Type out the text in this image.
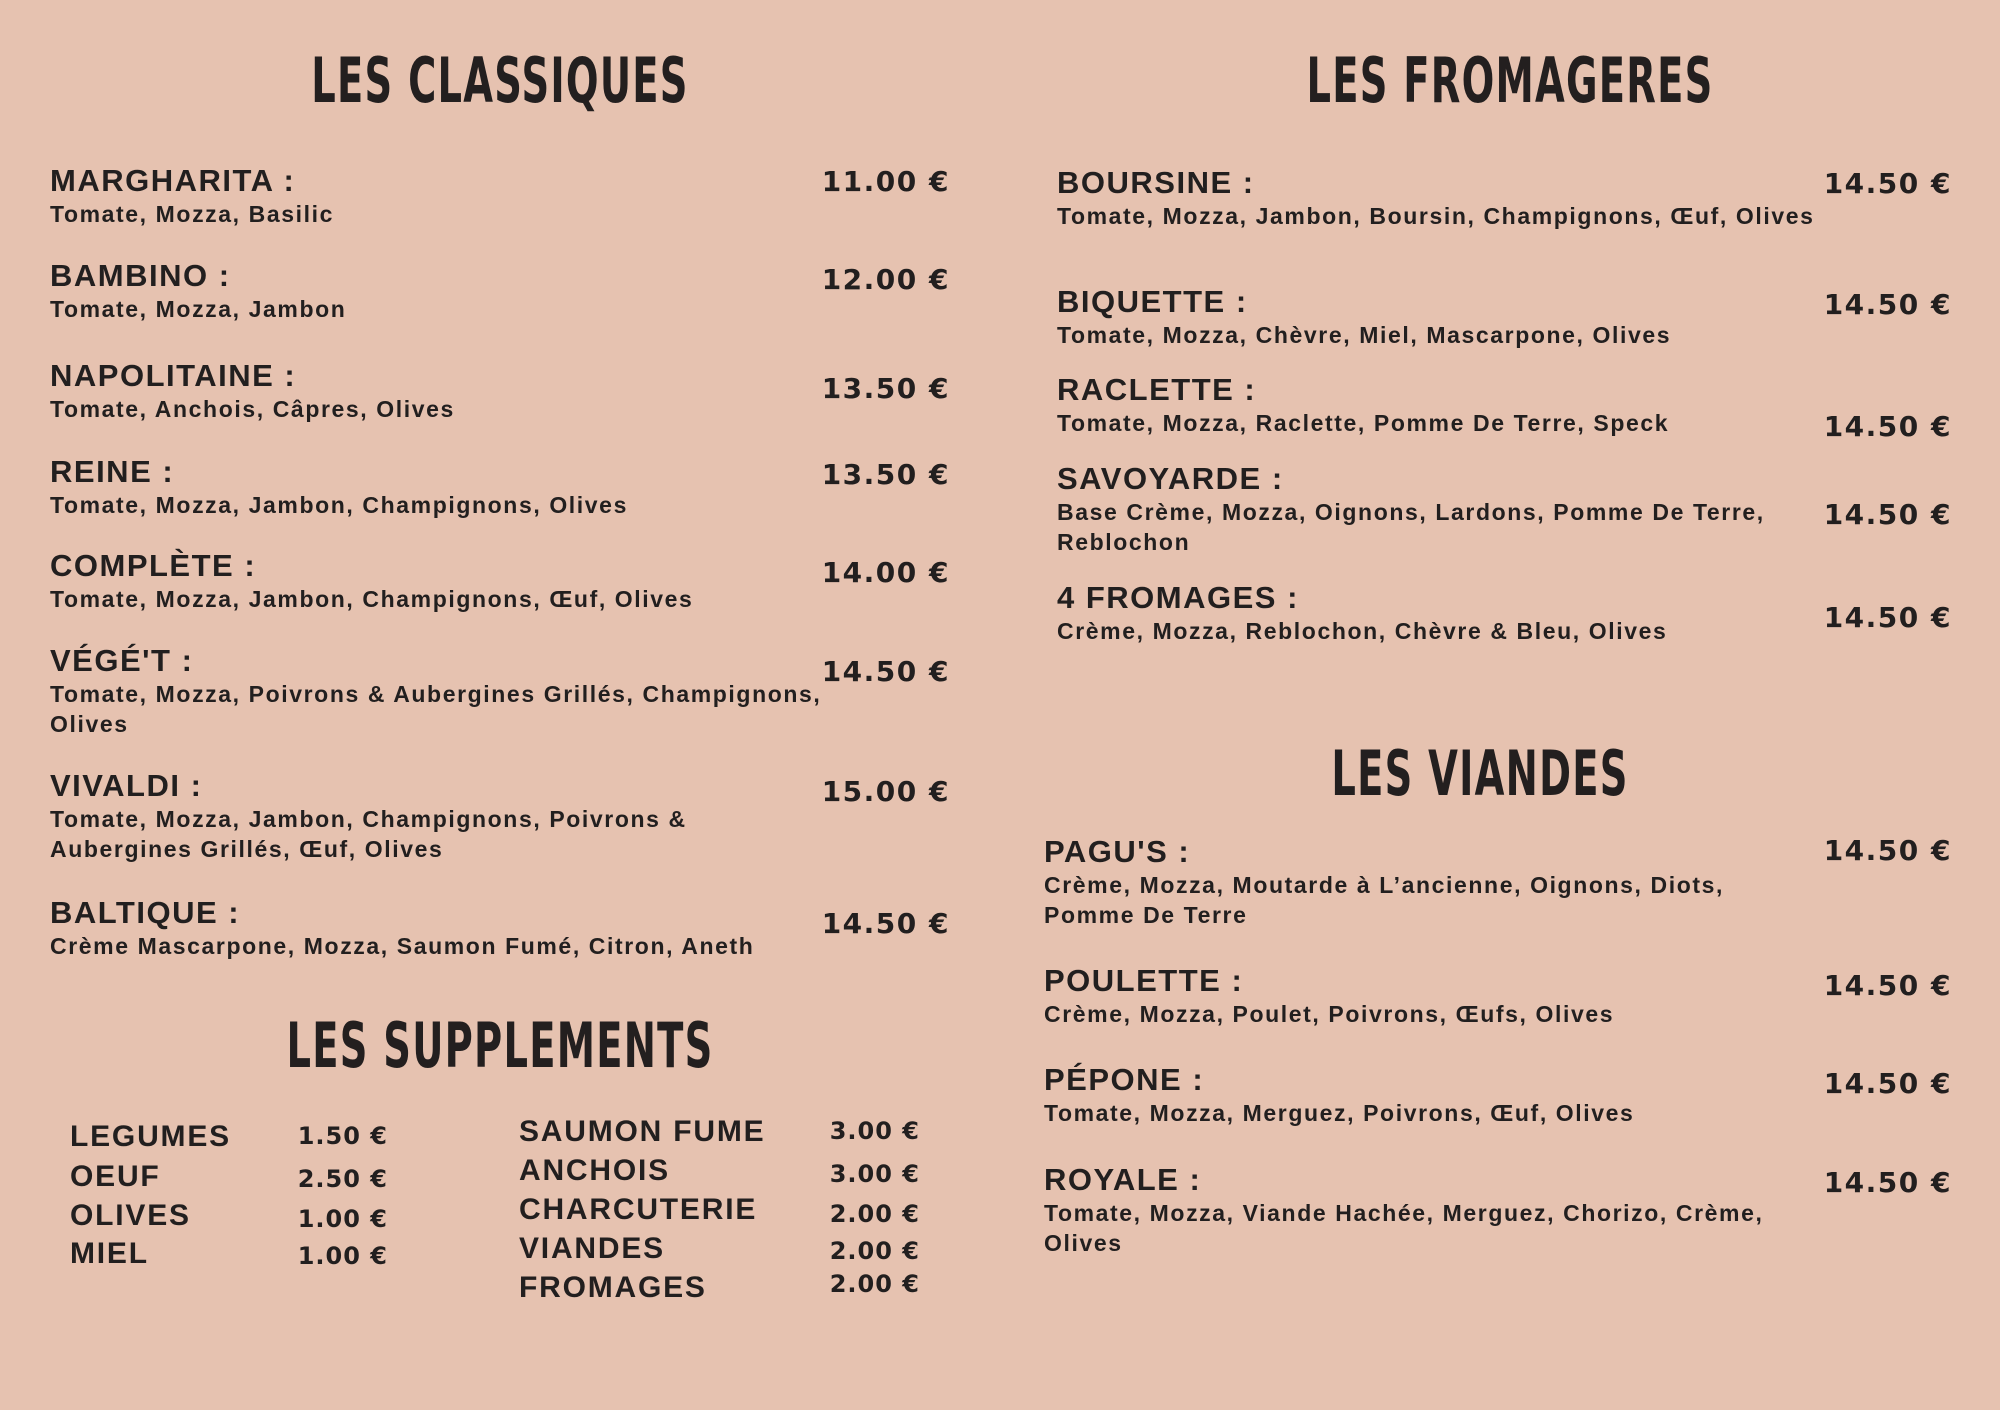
LES CLASSIQUES	LES FROMAGERES
LES SUPPLEMENTS
LES VIANDES
MARGHARITA :
Tomate, Mozza, Basilic
11.00 €
BAMBINO :
Tomate, Mozza, Jambon
12.00 €
NAPOLITAINE :
Tomate, Anchois, Câpres, Olives
13.50 €
REINE :
Tomate, Mozza, Jambon, Champignons, Olives
13.50 €
COMPLÈTE :
Tomate, Mozza, Jambon, Champignons, Œuf, Olives
14.00 €
VÉGÉ'T :
Tomate, Mozza, Poivrons & Aubergines Grillés, Champignons, Olives
14.50 €
VIVALDI :
Tomate, Mozza, Jambon, Champignons, Poivrons & Aubergines Grillés, Œuf, Olives
15.00 €
BALTIQUE :
Crème Mascarpone, Mozza, Saumon Fumé, Citron, Aneth
14.50 €
BOURSINE :
Tomate, Mozza, Jambon, Boursin, Champignons, Œuf, Olives
14.50 €
BIQUETTE :
Tomate, Mozza, Chèvre, Miel, Mascarpone, Olives
14.50 €
RACLETTE :
Tomate, Mozza, Raclette, Pomme De Terre, Speck	14.50 €
SAVOYARDE :
Base Crème, Mozza, Oignons, Lardons, Pomme De Terre, Reblochon
14.50 €
4 FROMAGES :
Crème, Mozza, Reblochon, Chèvre & Bleu, Olives	14.50 €
PAGU'S :
Crème, Mozza, Moutarde à L’ancienne, Oignons, Diots, Pomme De Terre
14.50 €
POULETTE :
Crème, Mozza, Poulet, Poivrons, Œufs, Olives
14.50 €
PÉPONE :
Tomate, Mozza, Merguez, Poivrons, Œuf, Olives
14.50 €
ROYALE :
Tomate, Mozza, Viande Hachée, Merguez, Chorizo, Crème, Olives
14.50 €
LEGUMES	1.50 €
OEUF	2.50 €
OLIVES	1.00 €
MIEL	1.00 €
SAUMON FUME	3.00 €
ANCHOIS	3.00 €
CHARCUTERIE	2.00 €
VIANDES	2.00 €
FROMAGES	2.00 €
